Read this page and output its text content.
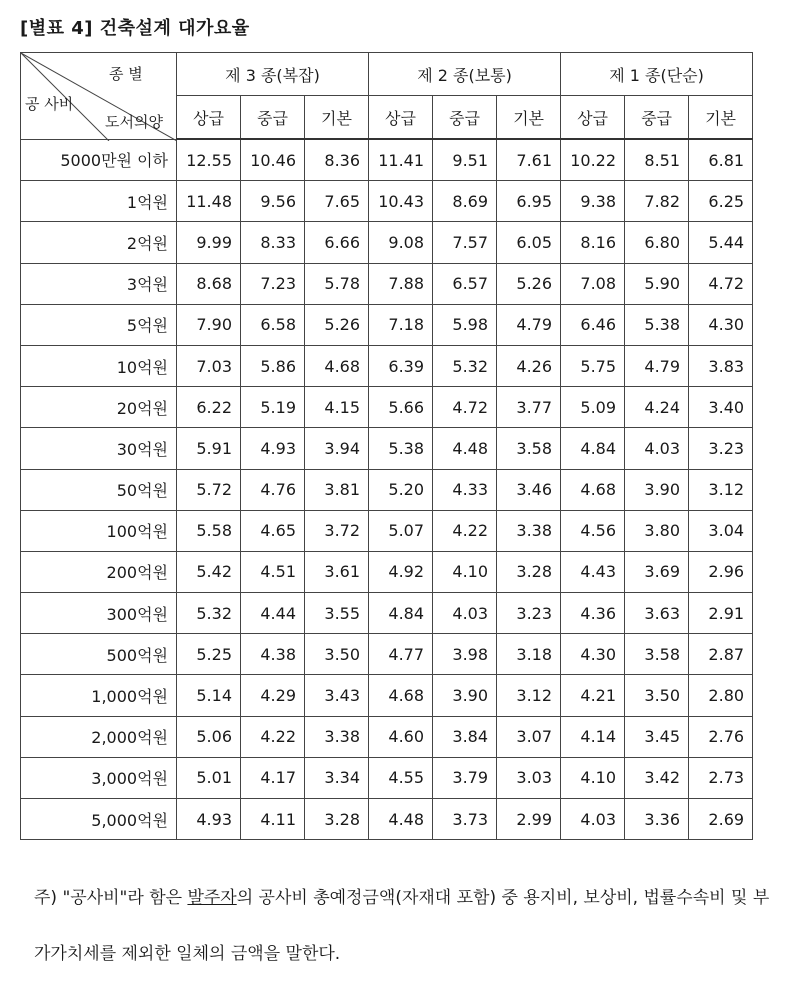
[별표 4] 건축설계 대가요율
종 별
공 사비
도서의양	제 3 종(복잡)			제 2 종(보통)			제 1 종(단순)		
	상급	중급	기본	상급	중급	기본	상급	중급	기본
5000만원 이하	12.55	10.46	8.36	11.41	9.51	7.61	10.22	8.51	6.81
1억원	11.48	9.56	7.65	10.43	8.69	6.95	9.38	7.82	6.25
2억원	9.99	8.33	6.66	9.08	7.57	6.05	8.16	6.80	5.44
3억원	8.68	7.23	5.78	7.88	6.57	5.26	7.08	5.90	4.72
5억원	7.90	6.58	5.26	7.18	5.98	4.79	6.46	5.38	4.30
10억원	7.03	5.86	4.68	6.39	5.32	4.26	5.75	4.79	3.83
20억원	6.22	5.19	4.15	5.66	4.72	3.77	5.09	4.24	3.40
30억원	5.91	4.93	3.94	5.38	4.48	3.58	4.84	4.03	3.23
50억원	5.72	4.76	3.81	5.20	4.33	3.46	4.68	3.90	3.12
100억원	5.58	4.65	3.72	5.07	4.22	3.38	4.56	3.80	3.04
200억원	5.42	4.51	3.61	4.92	4.10	3.28	4.43	3.69	2.96
300억원	5.32	4.44	3.55	4.84	4.03	3.23	4.36	3.63	2.91
500억원	5.25	4.38	3.50	4.77	3.98	3.18	4.30	3.58	2.87
1,000억원	5.14	4.29	3.43	4.68	3.90	3.12	4.21	3.50	2.80
2,000억원	5.06	4.22	3.38	4.60	3.84	3.07	4.14	3.45	2.76
3,000억원	5.01	4.17	3.34	4.55	3.79	3.03	4.10	3.42	2.73
5,000억원	4.93	4.11	3.28	4.48	3.73	2.99	4.03	3.36	2.69
주) "공사비"라 함은 발주자의 공사비 총예정금액(자재대 포함) 중 용지비, 보상비, 법률수속비 및 부가가치세를 제외한 일체의 금액을 말한다.
